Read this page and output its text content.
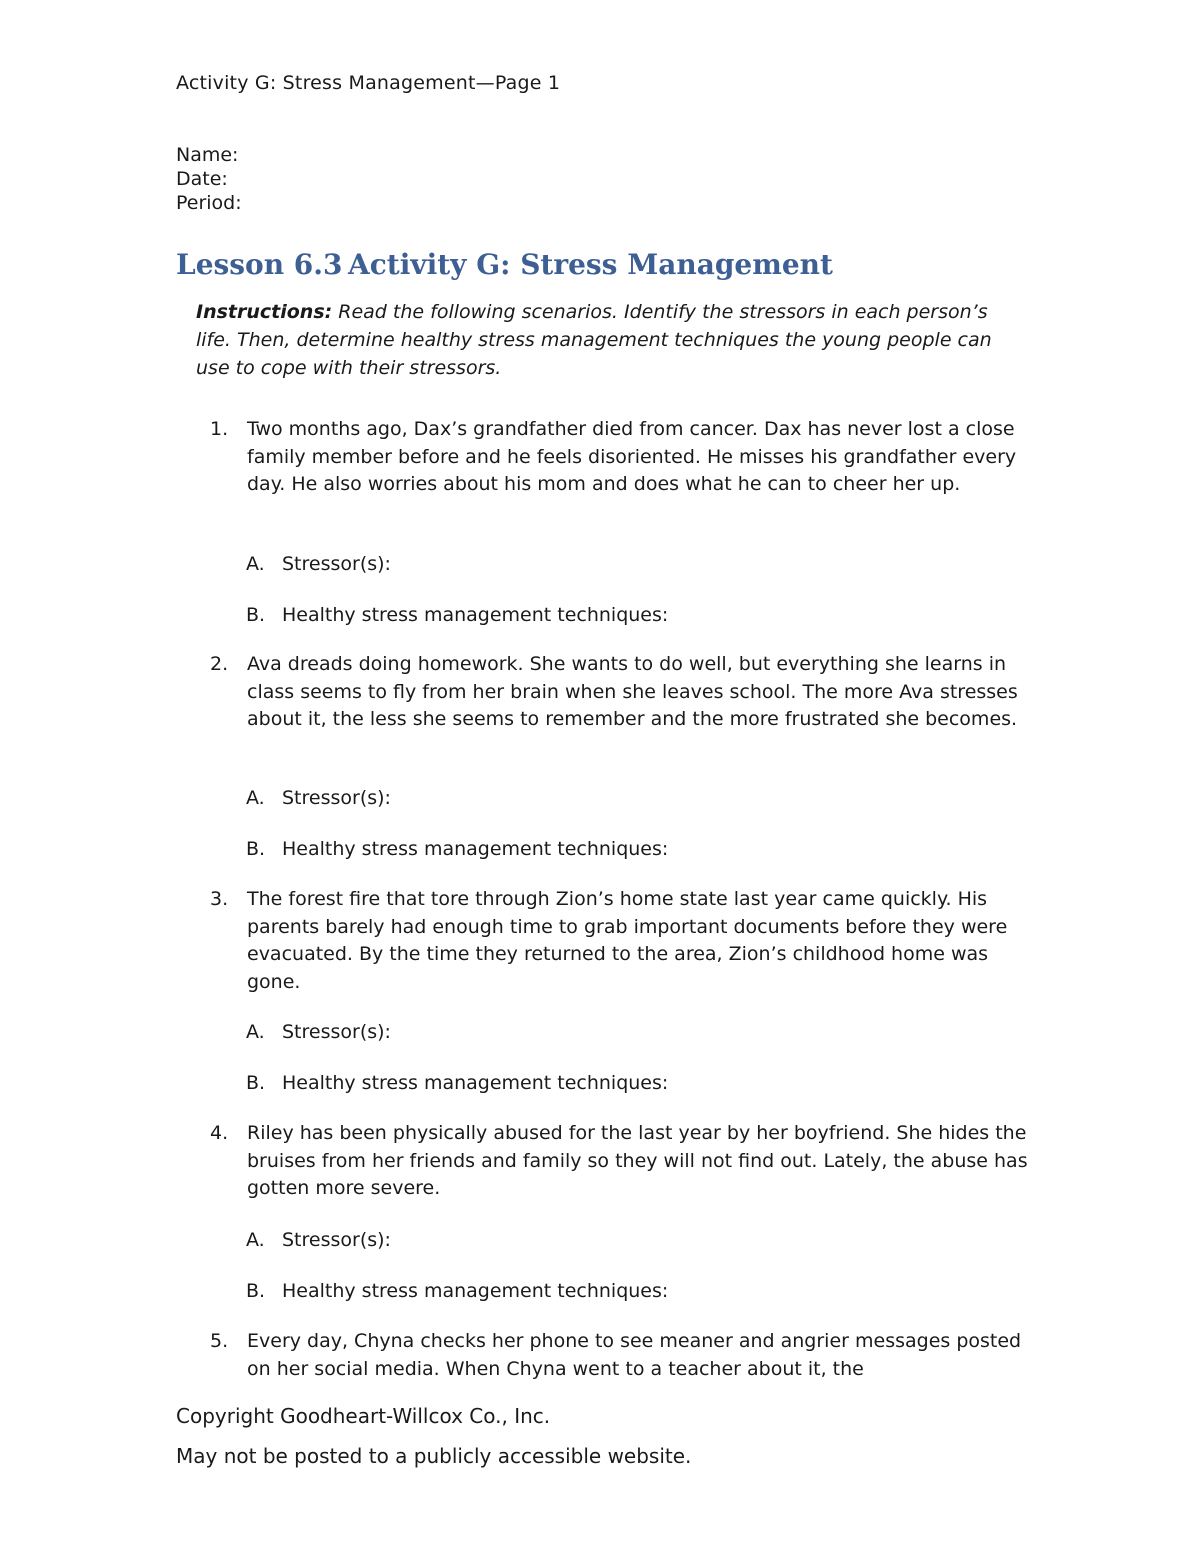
Activity G: Stress Management—Page 1
Name:
Date:
Period:
Lesson 6.3 Activity G: Stress Management

Instructions: Read the following scenarios. Identify the stressors in each person’s life. Then, determine healthy stress management techniques the young people can use to cope with their stressors.

1. Two months ago, Dax’s grandfather died from cancer. Dax has never lost a close family member before and he feels disoriented. He misses his grandfather every day. He also worries about his mom and does what he can to cheer her up.
A. Stressor(s):
B. Healthy stress management techniques:
2. Ava dreads doing homework. She wants to do well, but everything she learns in class seems to fly from her brain when she leaves school. The more Ava stresses about it, the less she seems to remember and the more frustrated she becomes.
A. Stressor(s):
B. Healthy stress management techniques:
3. The forest fire that tore through Zion’s home state last year came quickly. His parents barely had enough time to grab important documents before they were evacuated. By the time they returned to the area, Zion’s childhood home was gone.
A. Stressor(s):
B. Healthy stress management techniques:
4. Riley has been physically abused for the last year by her boyfriend. She hides the bruises from her friends and family so they will not find out. Lately, the abuse has gotten more severe.
A. Stressor(s):
B. Healthy stress management techniques:
5. Every day, Chyna checks her phone to see meaner and angrier messages posted on her social media. When Chyna went to a teacher about it, the
Copyright Goodheart-Willcox Co., Inc.
May not be posted to a publicly accessible website.
